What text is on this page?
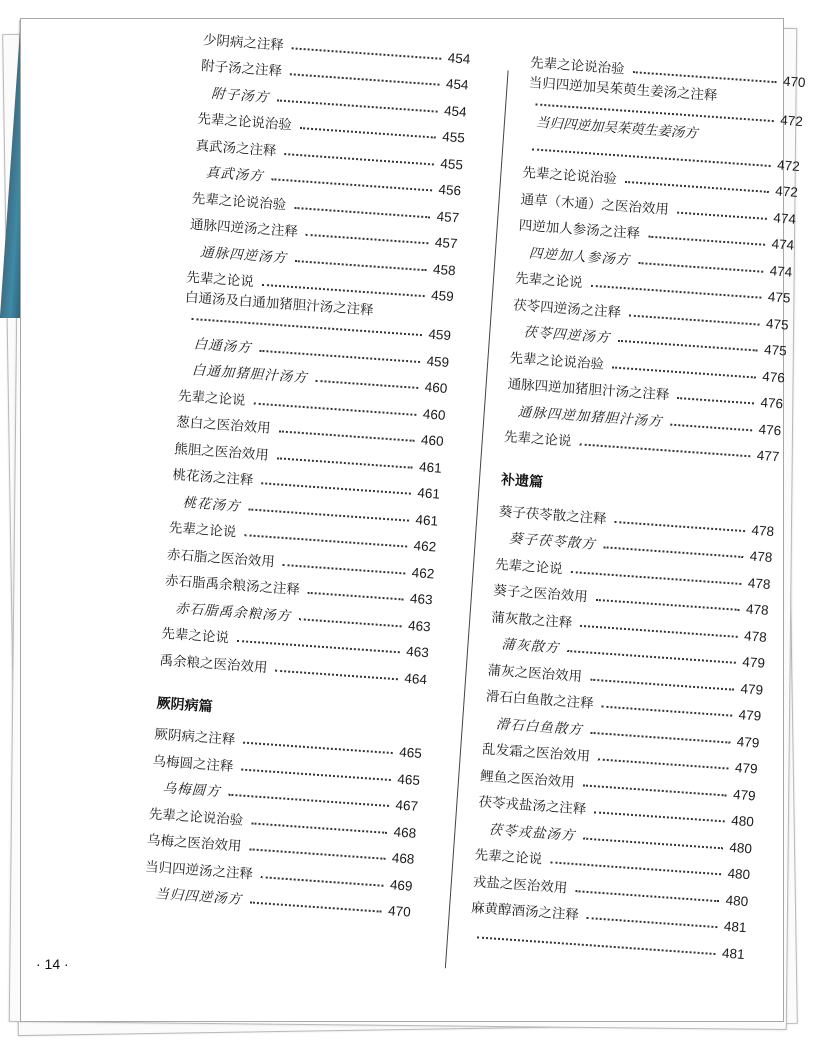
少阴病之注释
454
附子汤之注释
454
附子汤方
454
先辈之论说治验
455
真武汤之注释
455
真武汤方
456
先辈之论说治验
457
通脉四逆汤之注释
457
通脉四逆汤方
458
先辈之论说
459
白通汤及白通加猪胆汁汤之注释
459
白通汤方
459
白通加猪胆汁汤方
460
先辈之论说
460
葱白之医治效用
460
熊胆之医治效用
461
桃花汤之注释
461
桃花汤方
461
先辈之论说
462
赤石脂之医治效用
462
赤石脂禹余粮汤之注释
463
赤石脂禹余粮汤方
463
先辈之论说
463
禹余粮之医治效用
464
厥阴病篇
厥阴病之注释
465
乌梅圆之注释
465
乌梅圆方
467
先辈之论说治验
468
乌梅之医治效用
468
当归四逆汤之注释
469
当归四逆汤方
470
先辈之论说治验
470
当归四逆加吴茱萸生姜汤之注释
472
当归四逆加吴茱萸生姜汤方
472
先辈之论说治验
472
通草（木通）之医治效用
474
四逆加人参汤之注释
474
四逆加人参汤方
474
先辈之论说
475
茯苓四逆汤之注释
475
茯苓四逆汤方
475
先辈之论说治验
476
通脉四逆加猪胆汁汤之注释	476
通脉四逆加猪胆汁汤方
476
先辈之论说
477
补遗篇
葵子茯苓散之注释
478
葵子茯苓散方
478
先辈之论说
478
葵子之医治效用
478
蒲灰散之注释
478
蒲灰散方
479
蒲灰之医治效用
479
滑石白鱼散之注释
479
滑石白鱼散方
479
乱发霜之医治效用
479
鲤鱼之医治效用
479
茯苓戎盐汤之注释
480
茯苓戎盐汤方
480
先辈之论说
480
戎盐之医治效用
480
麻黄醇酒汤之注释
481
481
· 14 ·
